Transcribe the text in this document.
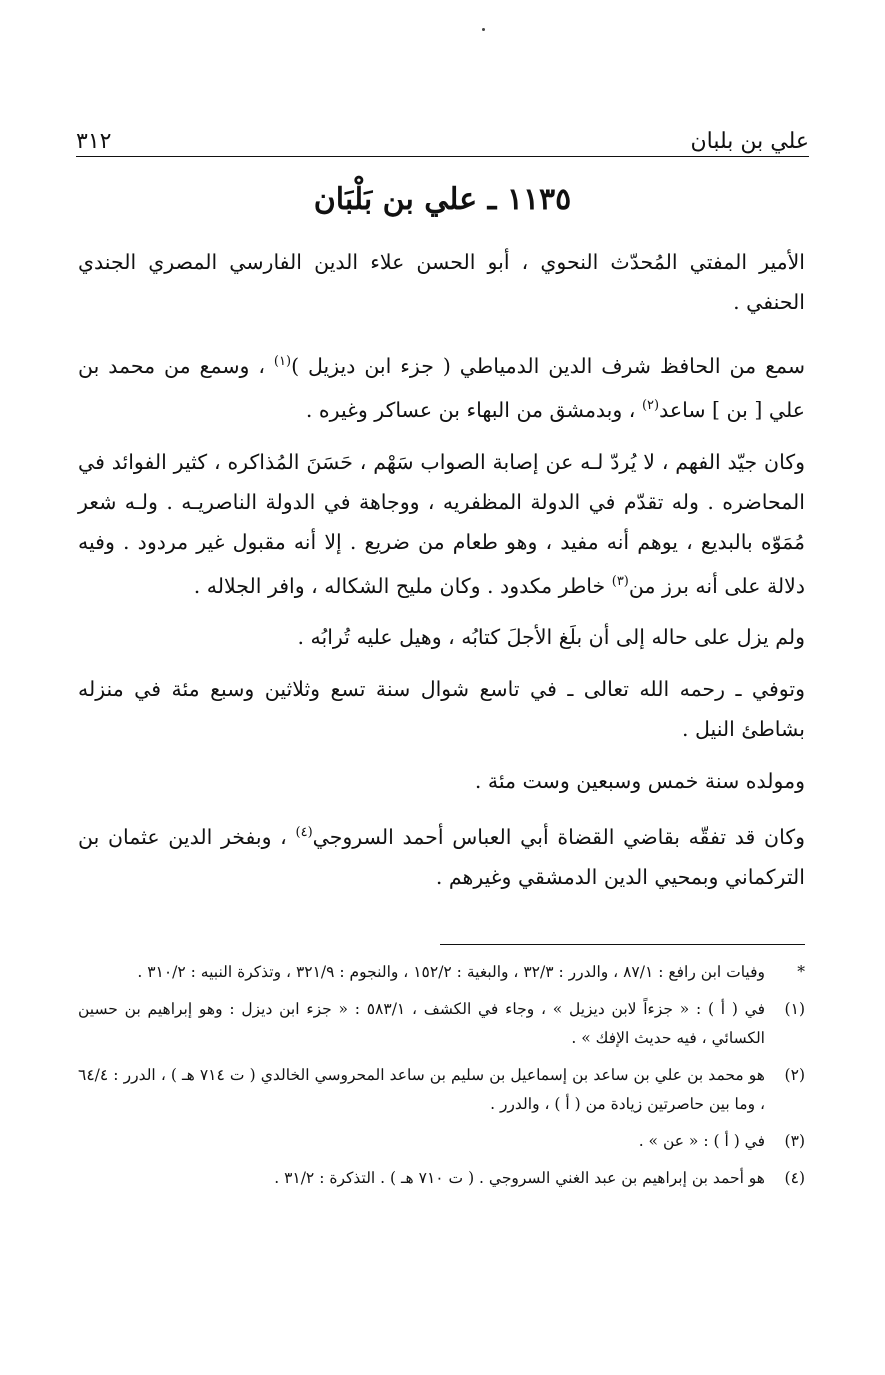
علي بن بلبان
٣١٢
١١٣٥ ـ علي بن بَلْبَان

الأمير المفتي المُحدّث النحوي ، أبو الحسن علاء الدين الفارسي المصري الجندي الحنفي .

سمع من الحافظ شرف الدين الدمياطي ( جزء ابن ديزيل )$^{(١)}$ ، وسمع من محمد بن علي [ بن ] ساعد$^{(٢)}$ ، وبدمشق من البهاء بن عساكر وغيره .

وكان جيّد الفهم ، لا يُردّ لـه عن إصابة الصواب سَهْم ، حَسَنَ المُذاكره ، كثير الفوائد في المحاضره . وله تقدّم في الدولة المظفريه ، ووجاهة في الدولة الناصريـه . ولـه شعر مُمَوّه بالبديع ، يوهم أنه مفيد ، وهو طعام من ضريع . إلا أنه مقبول غير مردود . وفيه دلالة على أنه برز من$^{(٣)}$ خاطر مكدود . وكان مليح الشكاله ، وافر الجلاله .

ولم يزل على حاله إلى أن بلَغ الأجلَ كتابُه ، وهيل عليه تُرابُه .

وتوفي ـ رحمه الله تعالى ـ في تاسع شوال سنة تسع وثلاثين وسبع مئة في منزله بشاطئ النيل .

ومولده سنة خمس وسبعين وست مئة .

وكان قد تفقّه بقاضي القضاة أبي العباس أحمد السروجي$^{(٤)}$ ، وبفخر الدين عثمان بن التركماني وبمحيي الدين الدمشقي وغيرهم .

*
وفيات ابن رافع : ٨٧/١ ، والدرر : ٣٢/٣ ، والبغية : ١٥٢/٢ ، والنجوم : ٣٢١/٩ ، وتذكرة النبيه : ٣١٠/٢ .
(١)
في ( أ ) : « جزءاً لابن ديزيل » ، وجاء في الكشف ، ٥٨٣/١ : « جزء ابن ديزل : وهو إبراهيم بن حسين الكسائي ، فيه حديث الإفك » .
(٢)
هو محمد بن علي بن ساعد بن إسماعيل بن سليم بن ساعد المحروسي الخالدي ( ت ٧١٤ هـ ) ، الدرر : ٦٤/٤ ، وما بين حاصرتين زيادة من ( أ ) ، والدرر .
(٣)
في ( أ ) : « عن » .
(٤)
هو أحمد بن إبراهيم بن عبد الغني السروجي . ( ت ٧١٠ هـ ) . التذكرة : ٣١/٢ .
